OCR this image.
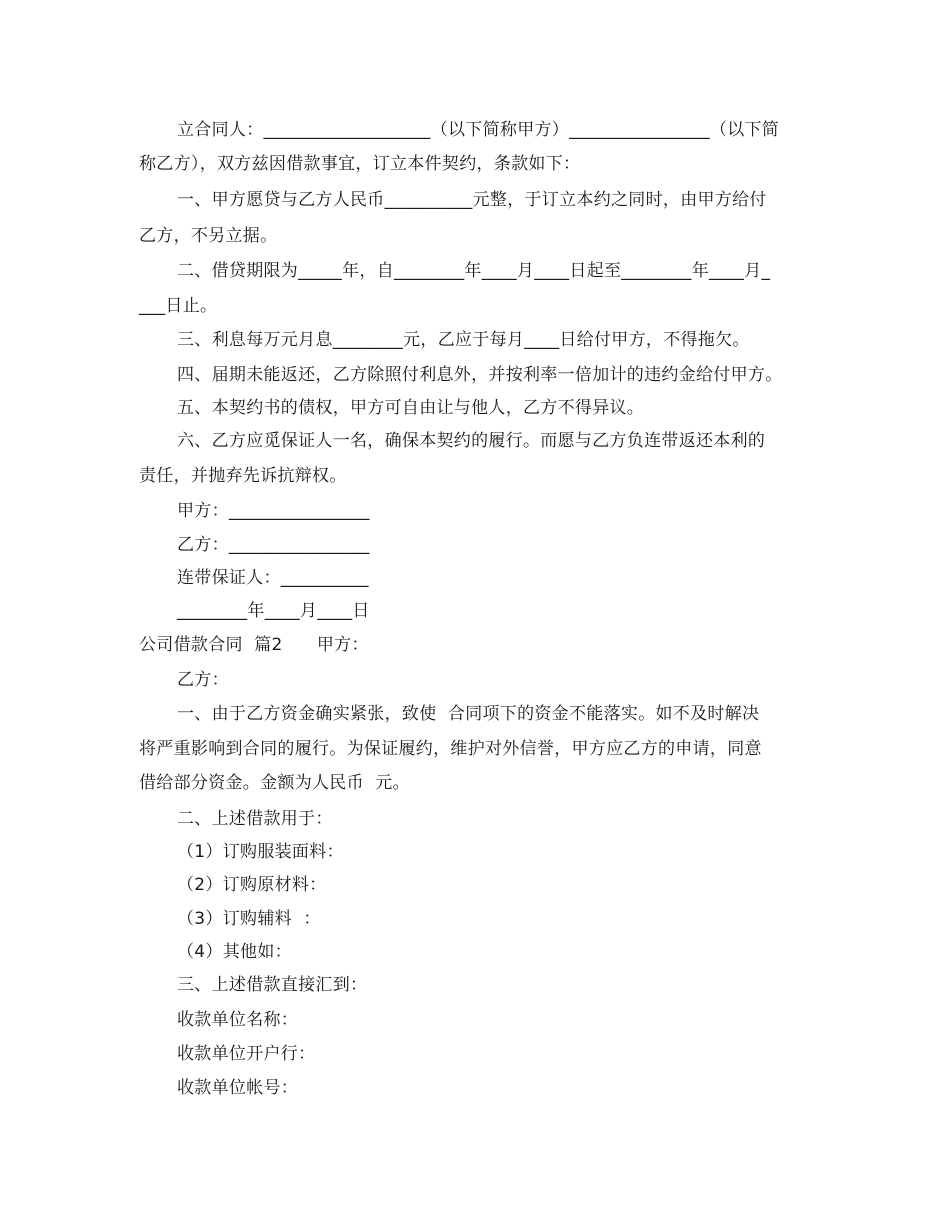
立合同人：___________________（以下简称甲方）________________（以下简
称乙方），双方兹因借款事宜，订立本件契约，条款如下：
一、甲方愿贷与乙方人民币__________元整，于订立本约之同时，由甲方给付
乙方，不另立据。
二、借贷期限为_____年，自________年____月____日起至________年____月_
___日止。
三、利息每万元月息________元，乙应于每月____日给付甲方，不得拖欠。
四、届期未能返还，乙方除照付利息外，并按利率一倍加计的违约金给付甲方。
五、本契约书的债权，甲方可自由让与他人，乙方不得异议。
六、乙方应觅保证人一名，确保本契约的履行。而愿与乙方负连带返还本利的
责任，并抛弃先诉抗辩权。
甲方：________________
乙方：________________
连带保证人：__________
________年____月____日
公司借款合同  篇2      甲方：
乙方：
一、由于乙方资金确实紧张，致使  合同项下的资金不能落实。如不及时解决
将严重影响到合同的履行。为保证履约，维护对外信誉，甲方应乙方的申请，同意
借给部分资金。金额为人民币  元。
二、上述借款用于：
（1）订购服装面料：
（2）订购原材料：
（3）订购辅料  ：
（4）其他如：
三、上述借款直接汇到：
收款单位名称：
收款单位开户行：
收款单位帐号：
